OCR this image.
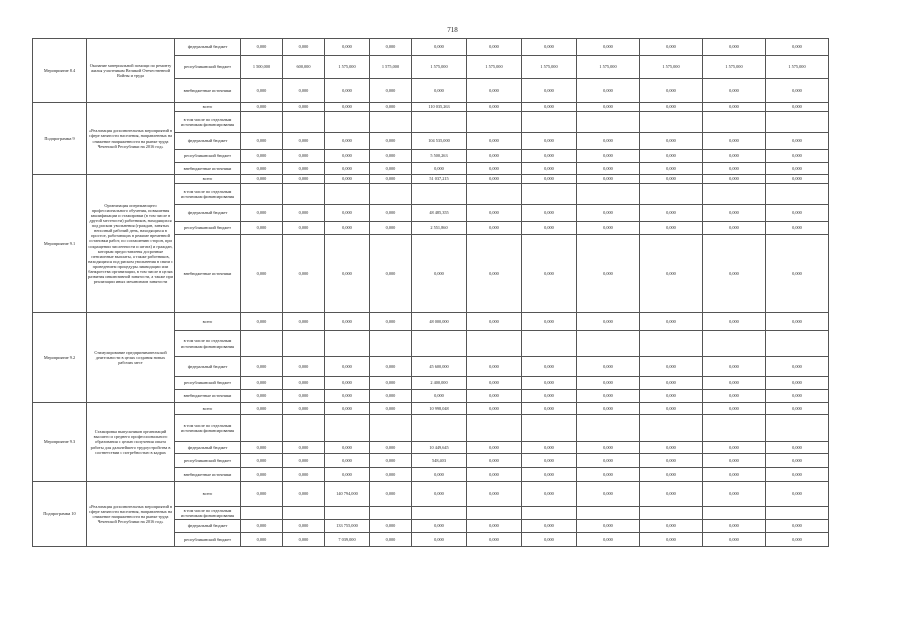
718
Мероприятие 8.4	Оказание материальной помощи по ремонту жилья участникам Великой Отечественной Войны и труда	федеральный бюджет	0,000	0,000	0,000	0,000	0,000	0,000	0,000	0,000	0,000	0,000	0,000
		республиканский бюджет	1 500,000	600,000	1 575,000	1 575,000	1 575,000	1 575,000	1 575,000	1 575,000	1 575,000	1 575,000	1 575,000
		внебюджетные источники	0,000	0,000	0,000	0,000	0,000	0,000	0,000	0,000	0,000	0,000	0,000
Подпрограмма 9	«Реализация дополнительных мероприятий в сфере занятости населения, направленных на снижение напряженности на рынке труда Чеченской Республики на 2016 год»	всего	0,000	0,000	0,000	0,000	110 035,263	0,000	0,000	0,000	0,000	0,000	0,000
		в том числе по отдельным источникам финансирования											
		федеральный бюджет	0,000	0,000	0,000	0,000	104 535,000	0,000	0,000	0,000	0,000	0,000	0,000
		республиканский бюджет	0,000	0,000	0,000	0,000	5 500,263	0,000	0,000	0,000	0,000	0,000	0,000
		внебюджетные источники	0,000	0,000	0,000	0,000	0,000	0,000	0,000	0,000	0,000	0,000	0,000
Мероприятие 9.1	Организация опережающего профессионального обучения, повышения квалификации и стажировки (в том числе в другой местности) работников, находящихся под риском увольнения (граждан, занятых неполный рабочий день, находящихся в простое, работающих в режиме временной остановки работ, по соглашению сторон, при сокращении численности и штата) и граждан, которым предоставлены досрочные пенсионные выплаты, а также работников, находящихся под риском увольнения в связи с проведением процедуры ликвидации или банкротства организации, в том числе в целях развития инклюзивной занятости, а также при реализации иных механизмов занятости	всего	0,000	0,000	0,000	0,000	51 037,215	0,000	0,000	0,000	0,000	0,000	0,000
		в том числе по отдельным источникам финансирования											
		федеральный бюджет	0,000	0,000	0,000	0,000	48 485,355	0,000	0,000	0,000	0,000	0,000	0,000
		республиканский бюджет	0,000	0,000	0,000	0,000	2 551,860	0,000	0,000	0,000	0,000	0,000	0,000
		внебюджетные источники	0,000	0,000	0,000	0,000	0,000	0,000	0,000	0,000	0,000	0,000	0,000
Мероприятие 9.2	Стимулирование предпринимательской деятельности в целях создания новых рабочих мест	всего	0,000	0,000	0,000	0,000	48 000,000	0,000	0,000	0,000	0,000	0,000	0,000
		в том числе по отдельным источникам финансирования											
		федеральный бюджет	0,000	0,000	0,000	0,000	45 600,000	0,000	0,000	0,000	0,000	0,000	0,000
		республиканский бюджет	0,000	0,000	0,000	0,000	2 400,000	0,000	0,000	0,000	0,000	0,000	0,000
		внебюджетные источники	0,000	0,000	0,000	0,000	0,000	0,000	0,000	0,000	0,000	0,000	0,000
Мероприятие 9.3	Стажировка выпускников организаций высшего и среднего профессионального образования с целью получения опыта работы для дальнейшего трудоустройства в соответствии с потребностью в кадрах	всего	0,000	0,000	0,000	0,000	10 998,048	0,000	0,000	0,000	0,000	0,000	0,000
		в том числе по отдельным источникам финансирования											
		федеральный бюджет	0,000	0,000	0,000	0,000	10 449,645	0,000	0,000	0,000	0,000	0,000	0,000
		республиканский бюджет	0,000	0,000	0,000	0,000	548,403	0,000	0,000	0,000	0,000	0,000	0,000
		внебюджетные источники	0,000	0,000	0,000	0,000	0,000	0,000	0,000	0,000	0,000	0,000	0,000
Подпрограмма 10	«Реализация дополнительных мероприятий в сфере занятости населения, направленных на снижение напряженности на рынке труда Чеченской Республики на 2016 год»	всего	0,000	0,000	140 794,000	0,000	0,000	0,000	0,000	0,000	0,000	0,000	0,000
		в том числе по отдельным источникам финансирования											
		федеральный бюджет	0,000	0,000	133 755,000	0,000	0,000	0,000	0,000	0,000	0,000	0,000	0,000
		республиканский бюджет	0,000	0,000	7 039,000	0,000	0,000	0,000	0,000	0,000	0,000	0,000	0,000
